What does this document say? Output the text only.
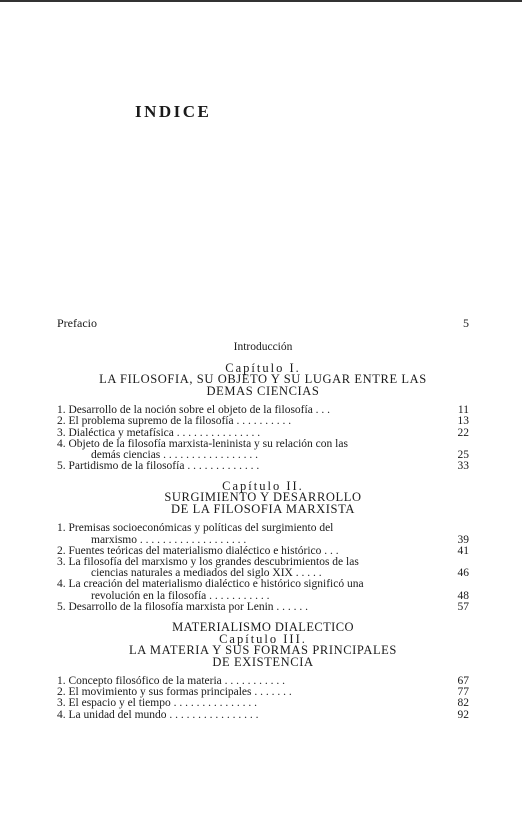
INDICE
Prefacio	5
Introducción
Capítulo I.
LA FILOSOFIA, SU OBJETO Y SU LUGAR ENTRE LAS
DEMAS CIENCIAS
1. Desarrollo de la noción sobre el objeto de la filosofía . . .	11
2. El problema supremo de la filosofía . . . . . . . . . .	13
3. Dialéctica y metafísica . . . . . . . . . . . . . . .	22
4. Objeto de la filosofía marxista-leninista y su relación con las
demás ciencias . . . . . . . . . . . . . . . . .	25
5. Partidismo de la filosofía . . . . . . . . . . . . .	33
Capítulo II.
SURGIMIENTO Y DESARROLLO
DE LA FILOSOFIA MARXISTA
1. Premisas socioeconómicas y políticas del surgimiento del
marxismo . . . . . . . . . . . . . . . . . . .	39
2. Fuentes teóricas del materialismo dialéctico e histórico . . .	41
3. La filosofía del marxismo y los grandes descubrimientos de las
ciencias naturales a mediados del siglo XIX . . . . .	46
4. La creación del materialismo dialéctico e histórico significó una
revolución en la filosofía . . . . . . . . . . .	48
5. Desarrollo de la filosofía marxista por Lenin . . . . . .	57
MATERIALISMO DIALECTICO
Capítulo III.
LA MATERIA Y SUS FORMAS PRINCIPALES
DE EXISTENCIA
1. Concepto filosófico de la materia . . . . . . . . . . .	67
2. El movimiento y sus formas principales . . . . . . .	77
3. El espacio y el tiempo . . . . . . . . . . . . . . .	82
4. La unidad del mundo . . . . . . . . . . . . . . . .	92
